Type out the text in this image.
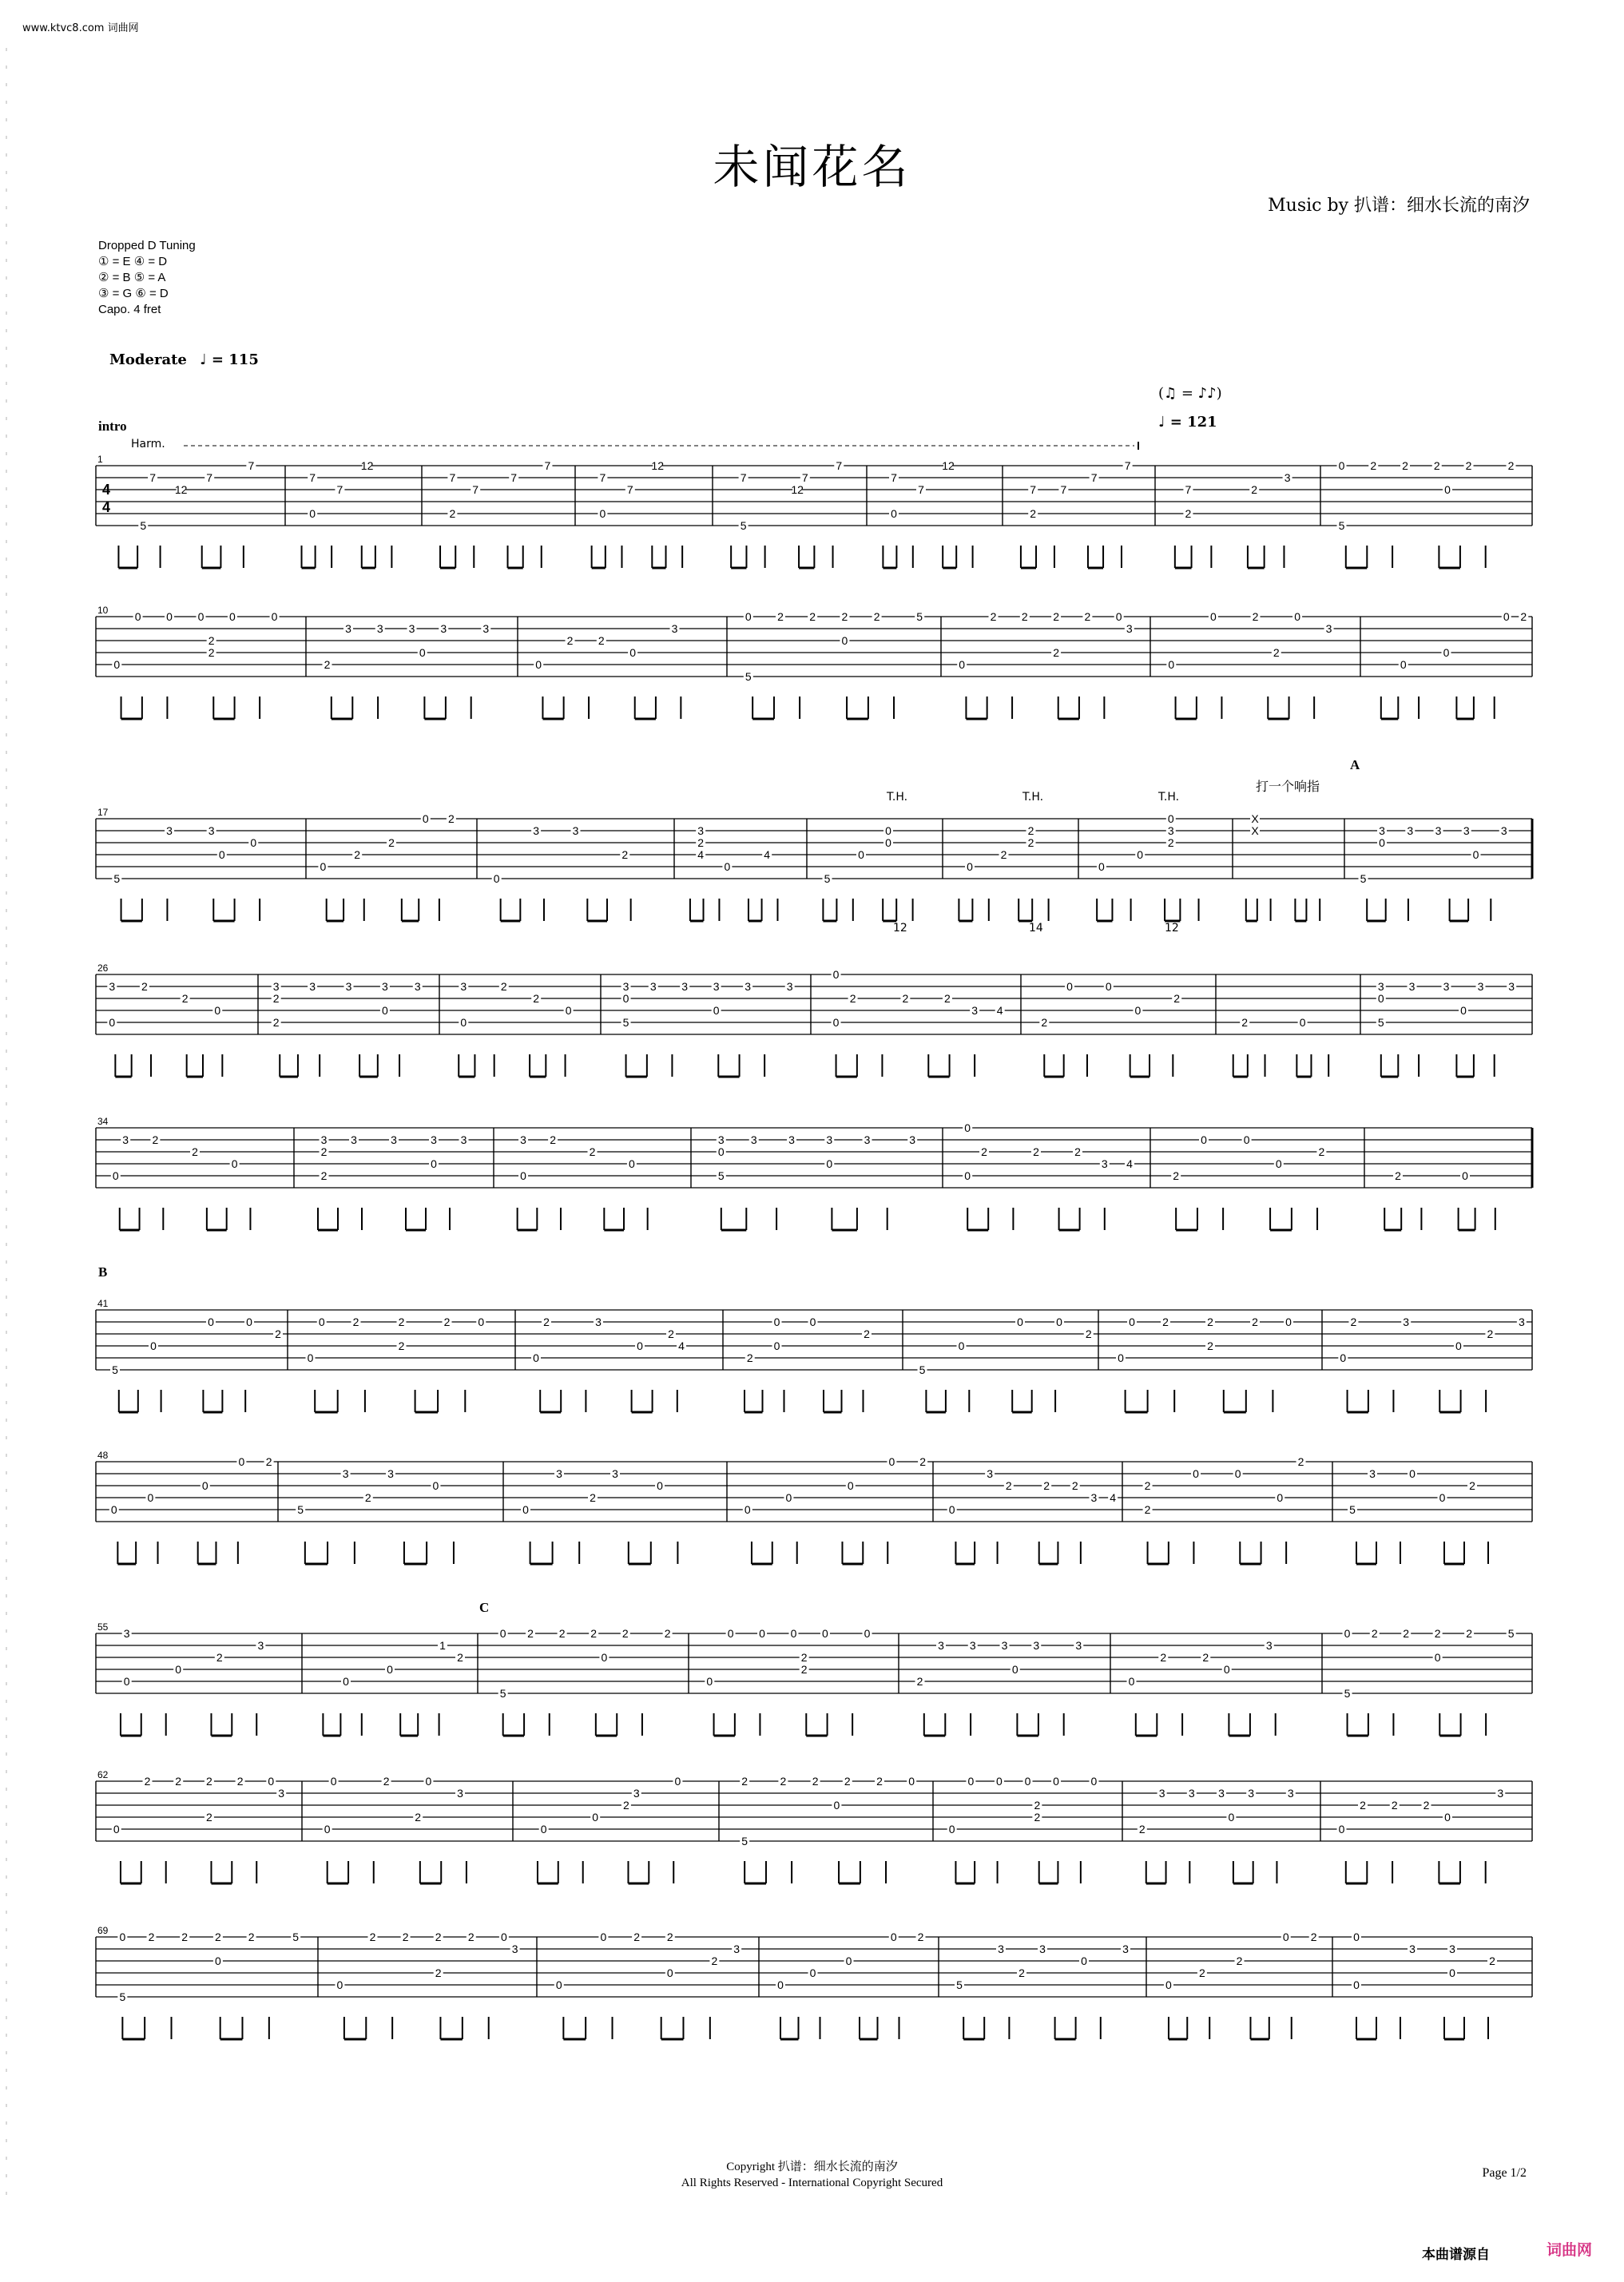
www.ktvc8.com 词曲网
未闻花名
Music by 扒谱：细水长流的南汐
Dropped D Tuning
① = E ④ = D
② = B ⑤ = A
③ = G ⑥ = D
Capo. 4 fret
Moderate ♩ = 115
(♫ = ♪♪)
♩ = 121
intro
Harm.
A
B
C
打一个响指
T.H.	T.H.	T.H.
12	14	12
1
4
4
7
12
7
7
5
12
7
7
0
7
7
7
7
2
12
7
7
0
7
12
7
7
5
12
7
7
0
7 7
7
7
2
7	2
3
2
0 2 2 2 2	2
0
5
10 0 0 0 0	0
2
2
0
3 3 3 3	3
0
2
2 2
3
0
0
0 2 2 2 2	5
0
5
2 2 2 2 0
3
2
0
0	2	0
3
2
0
0 2
0
0
17
3	3
0
0
5
0 2
2
2
0
3	3
2
0
3
2
4	4
0
0
0
0
5
2
2
2
0
0
3
2
0
0
X
X	3 3 3 3	3
0
0
5
26
3 2
2
0
0
3	3	3	3 3
2
0
2
3	2
2
0
0
3 3 3 3 3	3
0
0
5
0
2	2	2
3 4
0
0	0
2
0
2	2	0
3 3	3	3 3
0
0
5
34
3 2
2
0
0
3 3	3	3 3
2
0
2
3 2
2
0
0
3 3	3	3	3	3
0
0
5
0
2	2	2
3 4
0
0	0
2
0
2	2	0
41
0	0
2
0
5
0 2	2	2 0
2
0
2	3
2
0	4
0
0	0
2
0
2
0	0
2
0
5
0 2	2	2 0
2
0
2	3	3
2
0
0
48	0 2
0
0
0
3	3
0
2
5
3	3
0
2
0
0 2
0
0
0
3
2	2 2
3 4
0
2
0	0
2
0
2
3	0
2
0
5
55 3
3
2
0
0
1
2
0
0
0 2 2 2 2	2
0
5
0 0 0 0	0
2
2
0
3 3 3 3	3
0
2
2	2
3
0
0
0 2 2 2 2	5
0
5
62	2 2 2 2 0
3
2
0
0	2	0
3
2
0
0
3
2
0
0
2	2 2 2 2 0
0
5
0 0 0 0	0
2
2
0
3 3 3 3	3
0
2
2 2 2
3
0
0
69 0 2 2 2 2	5
0
5
2 2 2 2 0
3
2
0
0 2 2
3
2
0
0
0 2
0
0
0
3	3	3
0
2
5
0 2
2
2
0
0
3	3
2
0
0
Copyright 扒谱：细水长流的南汐
All Rights Reserved - International Copyright Secured
Page 1/2
本曲谱源自	词曲网
